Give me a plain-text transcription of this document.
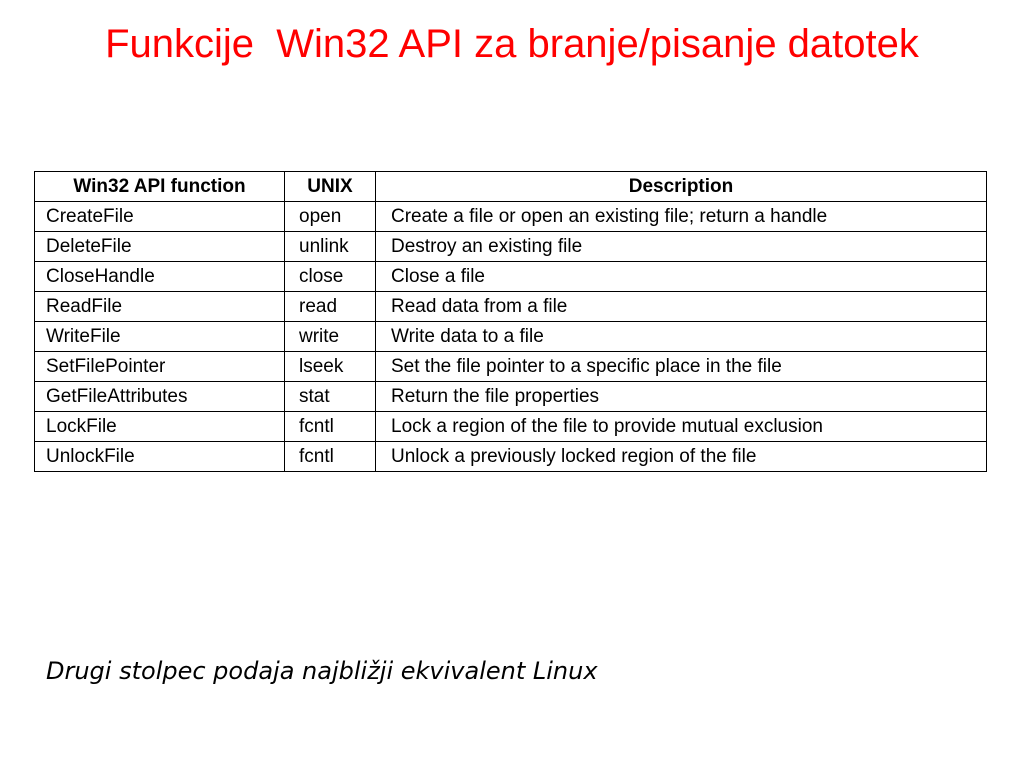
Funkcije  Win32 API za branje/pisanje datotek
Win32 API function	UNIX	Description
CreateFile	open	Create a file or open an existing file; return a handle
DeleteFile	unlink	Destroy an existing file
CloseHandle	close	Close a file
ReadFile	read	Read data from a file
WriteFile	write	Write data to a file
SetFilePointer	lseek	Set the file pointer to a specific place in the file
GetFileAttributes	stat	Return the file properties
LockFile	fcntl	Lock a region of the file to provide mutual exclusion
UnlockFile	fcntl	Unlock a previously locked region of the file

Drugi stolpec podaja najbližji ekvivalent Linux
